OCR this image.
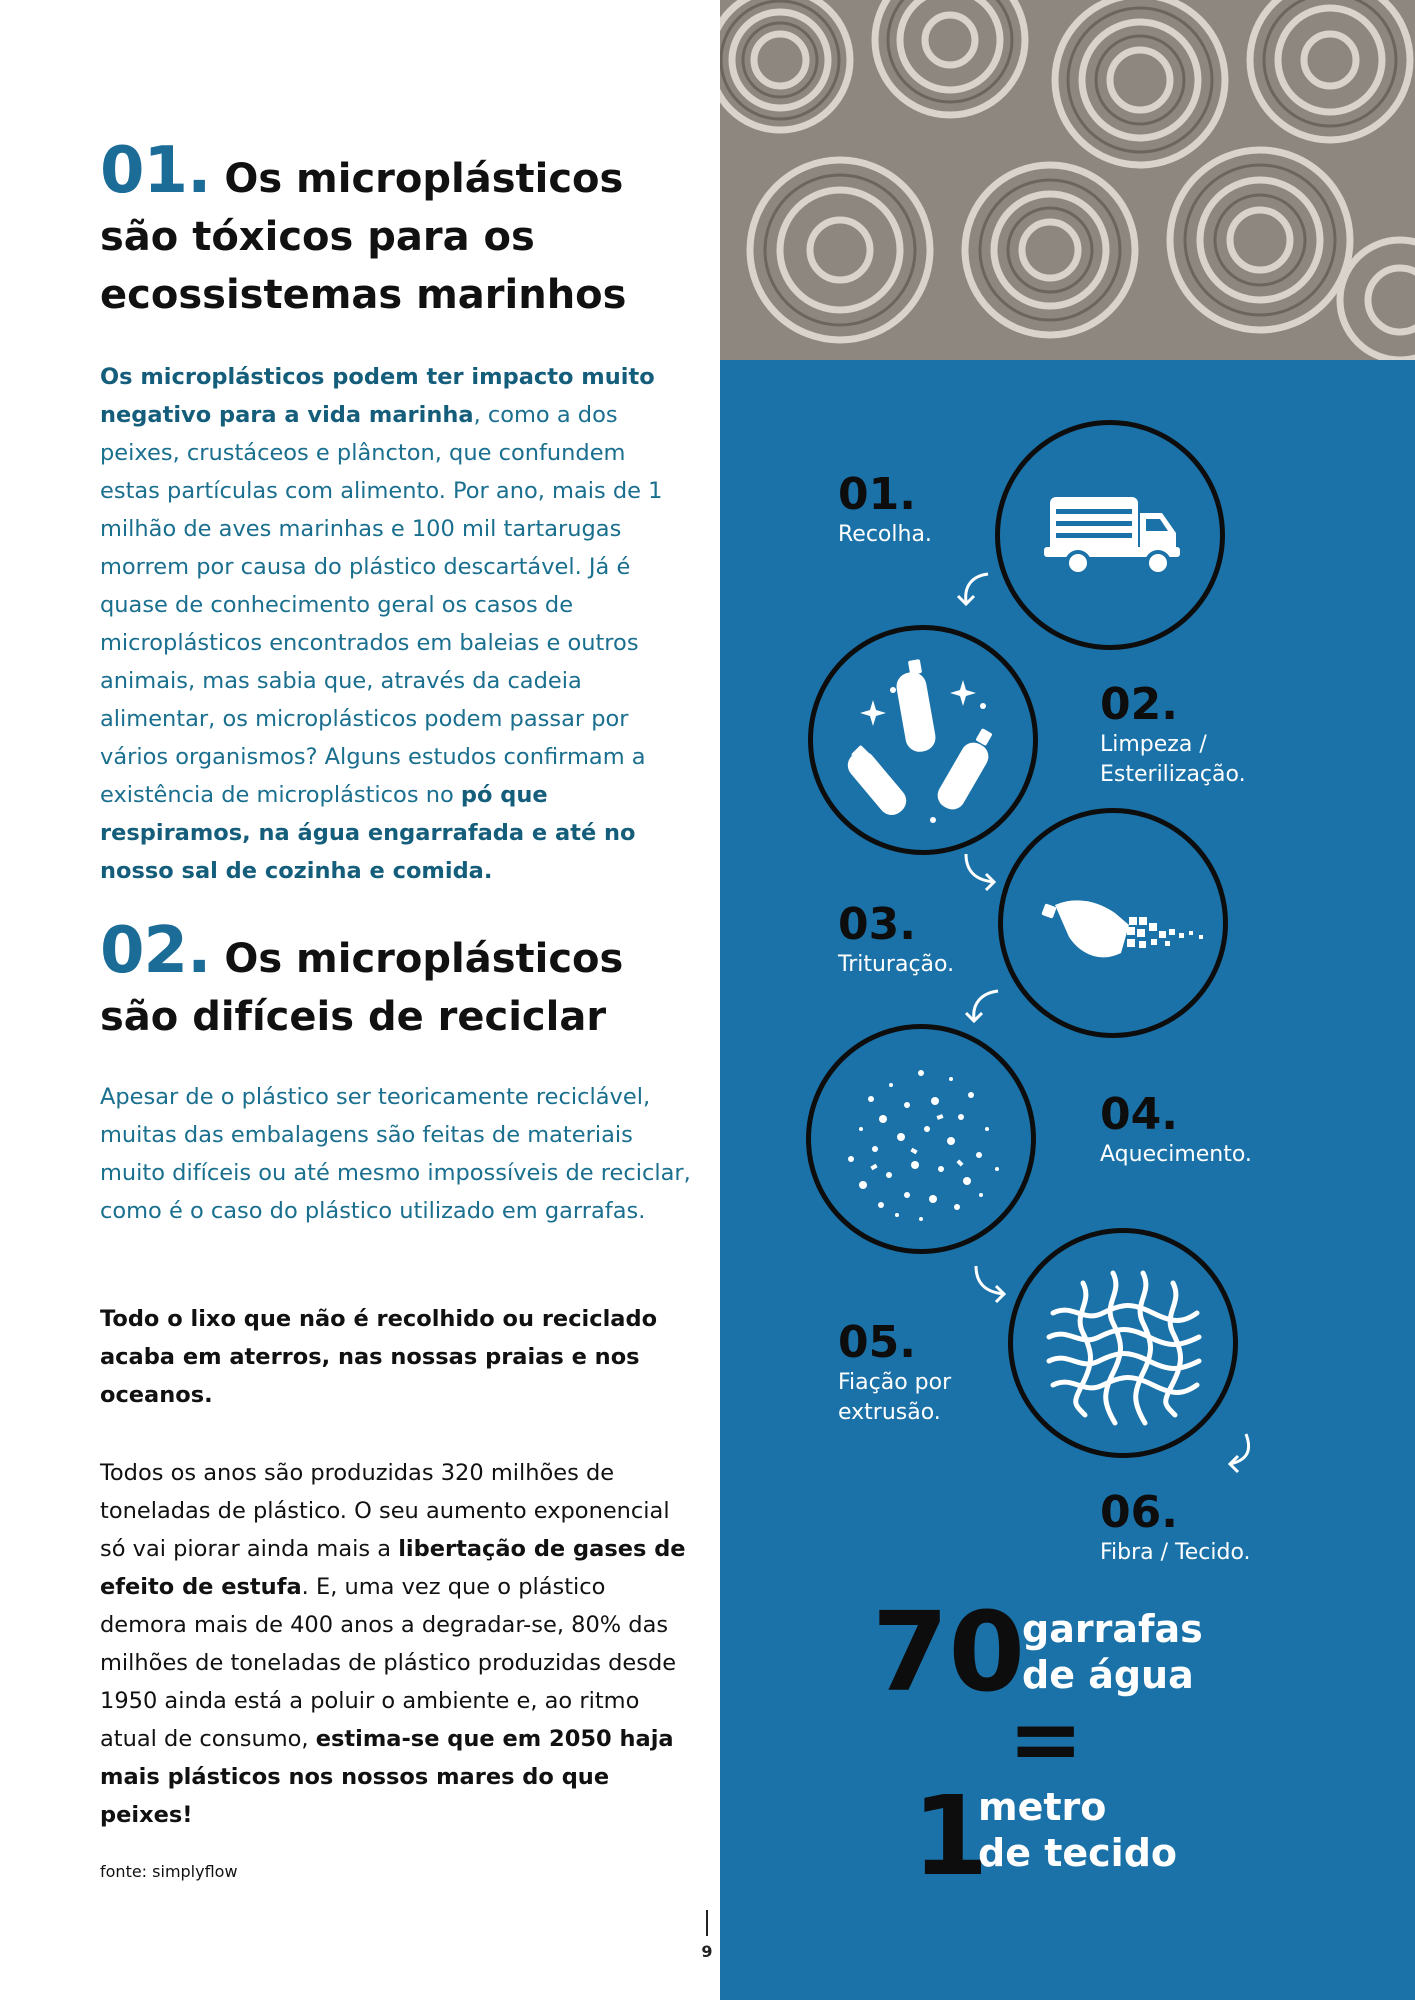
01. Os microplásticos são tóxicos para os ecossistemas marinhos

Os microplásticos podem ter impacto muito negativo para a vida marinha, como a dos peixes, crustáceos e plâncton, que confundem estas partículas com alimento. Por ano, mais de 1 milhão de aves marinhas e 100 mil tartarugas morrem por causa do plástico descartável. Já é quase de conhecimento geral os casos de microplásticos encontrados em baleias e outros animais, mas sabia que, através da cadeia alimentar, os microplásticos podem passar por vários organismos? Alguns estudos confirmam a existência de microplásticos no pó que respiramos, na água engarrafada e até no nosso sal de cozinha e comida.

02. Os microplásticos são difíceis de reciclar

Apesar de o plástico ser teoricamente reciclável, muitas das embalagens são feitas de materiais muito difíceis ou até mesmo impossíveis de reciclar, como é o caso do plástico utilizado em garrafas.

Todo o lixo que não é recolhido ou reciclado acaba em aterros, nas nossas praias e nos oceanos.

Todos os anos são produzidas 320 milhões de toneladas de plástico. O seu aumento exponencial só vai piorar ainda mais a libertação de gases de efeito de estufa. E, uma vez que o plástico demora mais de 400 anos a degradar-se, 80% das milhões de toneladas de plástico produzidas desde 1950 ainda está a poluir o ambiente e, ao ritmo atual de consumo, estima-se que em 2050 haja mais plásticos nos nossos mares do que peixes!

fonte: simplyflow
9
01.
Recolha.
02.
Limpeza / Esterilização.
03.
Trituração.
04.
Aquecimento.
05.
Fiação por extrusão.
06.
Fibra / Tecido.
70
garrafas
de água
=
1
metro
de tecido
